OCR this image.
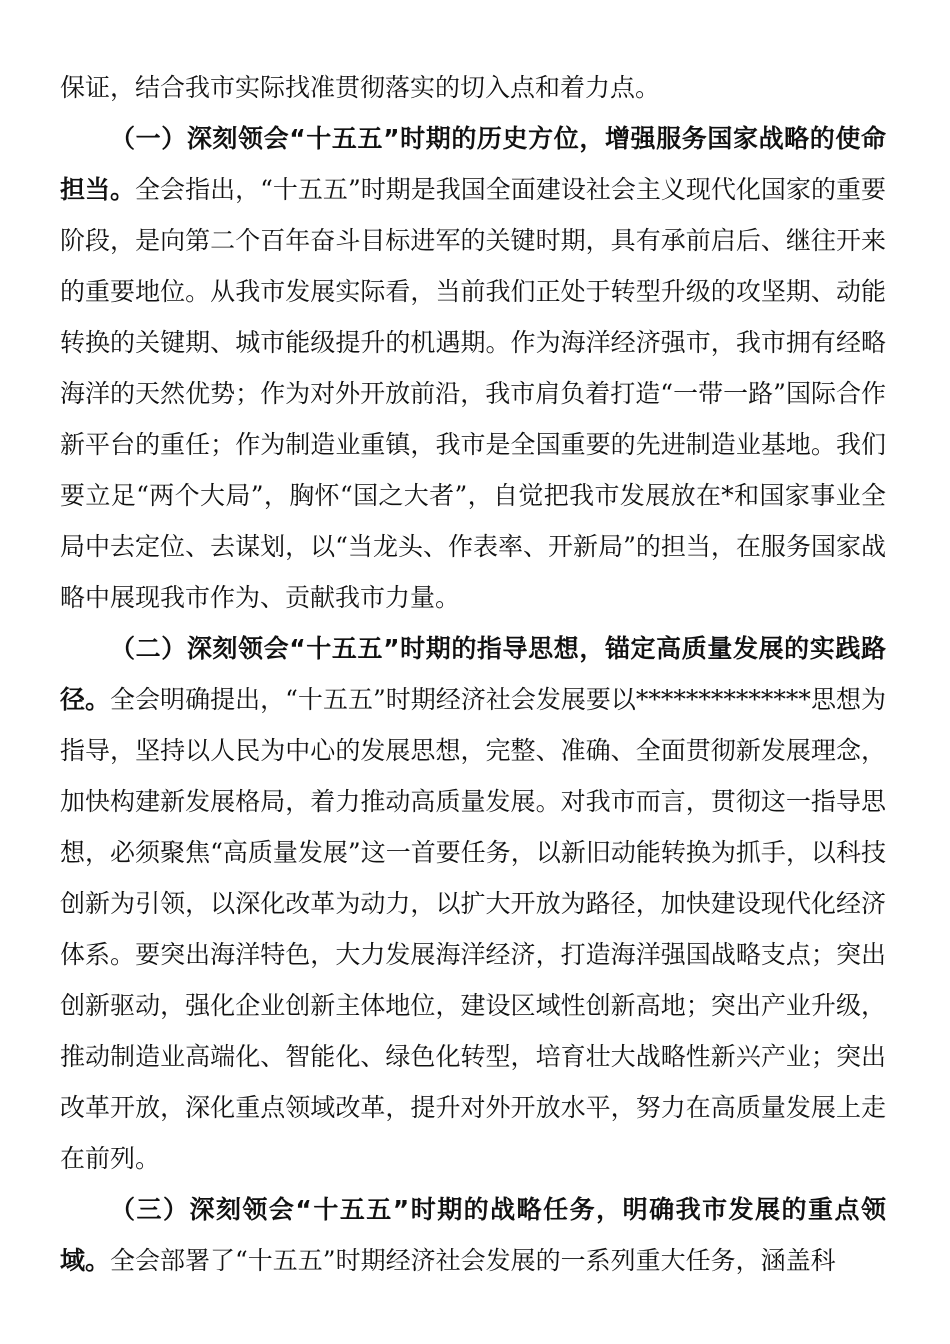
保证，结合我市实际找准贯彻落实的切入点和着力点。

（一）深刻领会“十五五”时期的历史方位，增强服务国家战略的使命担当。全会指出，“十五五”时期是我国全面建设社会主义现代化国家的重要阶段，是向第二个百年奋斗目标进军的关键时期，具有承前启后、继往开来的重要地位。从我市发展实际看，当前我们正处于转型升级的攻坚期、动能转换的关键期、城市能级提升的机遇期。作为海洋经济强市，我市拥有经略海洋的天然优势；作为对外开放前沿，我市肩负着打造“一带一路”国际合作新平台的重任；作为制造业重镇，我市是全国重要的先进制造业基地。我们要立足“两个大局”，胸怀“国之大者”，自觉把我市发展放在*和国家事业全局中去定位、去谋划，以“当龙头、作表率、开新局”的担当，在服务国家战略中展现我市作为、贡献我市力量。

（二）深刻领会“十五五”时期的指导思想，锚定高质量发展的实践路径。全会明确提出，“十五五”时期经济社会发展要以**************思想为指导，坚持以人民为中心的发展思想，完整、准确、全面贯彻新发展理念，加快构建新发展格局，着力推动高质量发展。对我市而言，贯彻这一指导思想，必须聚焦“高质量发展”这一首要任务，以新旧动能转换为抓手，以科技创新为引领，以深化改革为动力，以扩大开放为路径，加快建设现代化经济体系。要突出海洋特色，大力发展海洋经济，打造海洋强国战略支点；突出创新驱动，强化企业创新主体地位，建设区域性创新高地；突出产业升级，推动制造业高端化、智能化、绿色化转型，培育壮大战略性新兴产业；突出改革开放，深化重点领域改革，提升对外开放水平，努力在高质量发展上走在前列。

（三）深刻领会“十五五”时期的战略任务，明确我市发展的重点领域。全会部署了“十五五”时期经济社会发展的一系列重大任务，涵盖科
